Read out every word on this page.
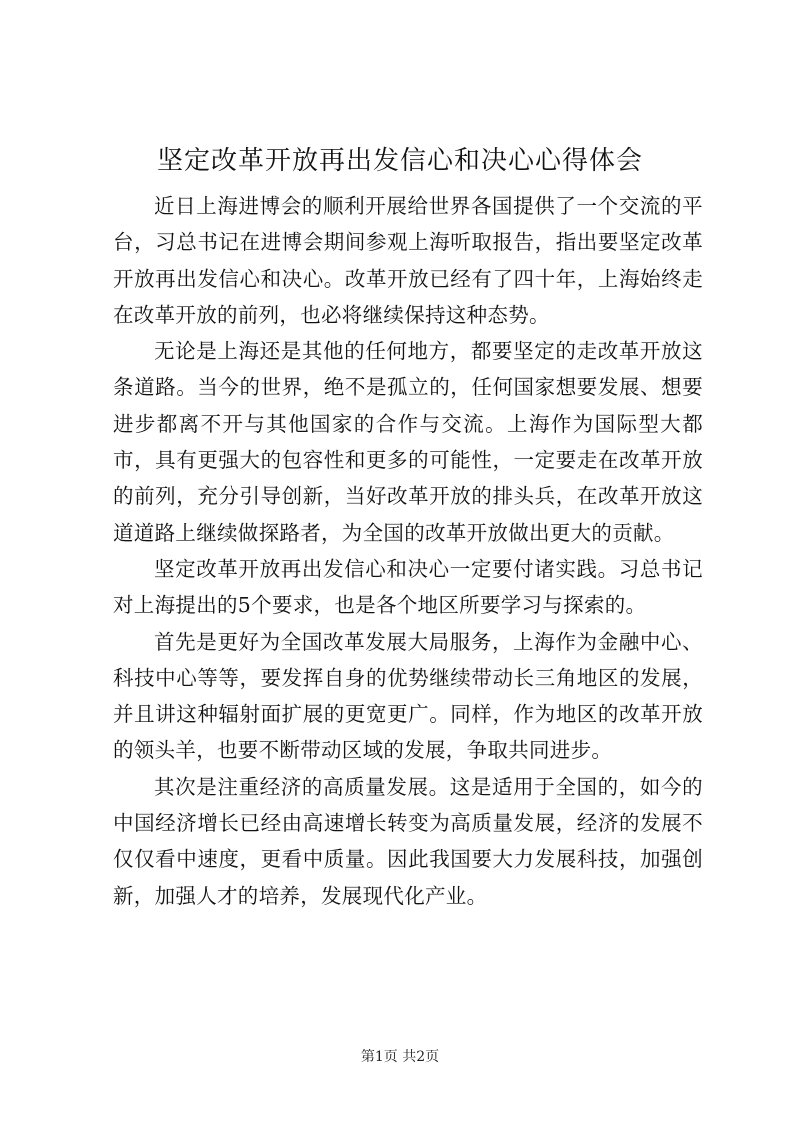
坚定改革开放再出发信心和决心心得体会

近日上海进博会的顺利开展给世界各国提供了一个交流的平台，习总书记在进博会期间参观上海听取报告，指出要坚定改革开放再出发信心和决心。改革开放已经有了四十年，上海始终走在改革开放的前列，也必将继续保持这种态势。

无论是上海还是其他的任何地方，都要坚定的走改革开放这条道路。当今的世界，绝不是孤立的，任何国家想要发展、想要进步都离不开与其他国家的合作与交流。上海作为国际型大都市，具有更强大的包容性和更多的可能性，一定要走在改革开放的前列，充分引导创新，当好改革开放的排头兵，在改革开放这道道路上继续做探路者，为全国的改革开放做出更大的贡献。

坚定改革开放再出发信心和决心一定要付诸实践。习总书记对上海提出的5个要求，也是各个地区所要学习与探索的。

首先是更好为全国改革发展大局服务，上海作为金融中心、科技中心等等，要发挥自身的优势继续带动长三角地区的发展，并且讲这种辐射面扩展的更宽更广。同样，作为地区的改革开放的领头羊，也要不断带动区域的发展，争取共同进步。

其次是注重经济的高质量发展。这是适用于全国的，如今的中国经济增长已经由高速增长转变为高质量发展，经济的发展不仅仅看中速度，更看中质量。因此我国要大力发展科技，加强创新，加强人才的培养，发展现代化产业。

第1页 共2页
